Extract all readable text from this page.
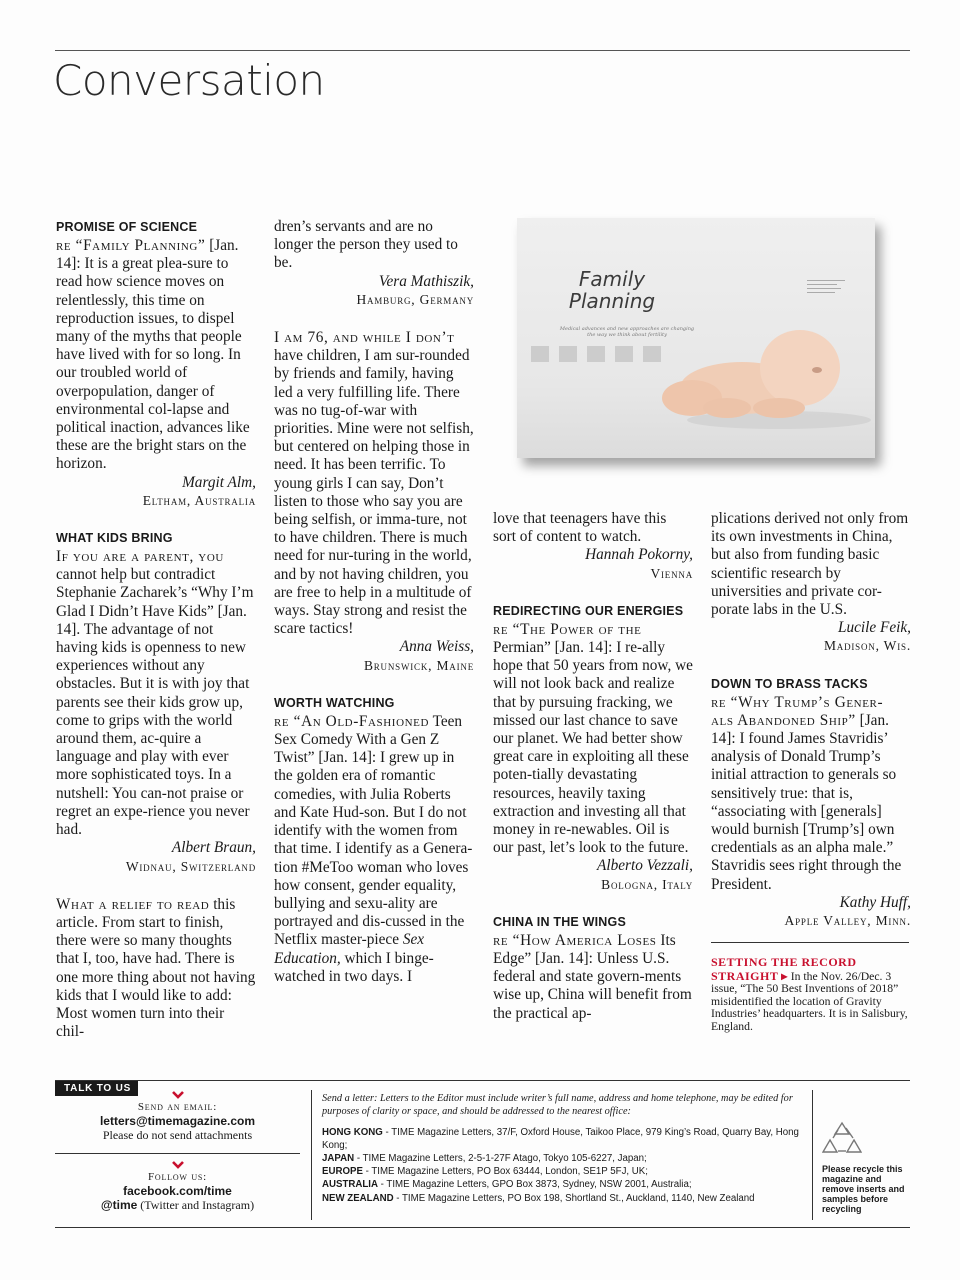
Conversation
PROMISE OF SCIENCE

re “Family Planning” [Jan. 14]: It is a great plea-sure to read how science moves on relentlessly, this time on reproduction issues, to dispel many of the myths that people have lived with for so long. In our troubled world of overpopulation, danger of environmental col-lapse and political inaction, advances like these are the bright stars on the horizon.

Margit Alm,

Eltham, Australia

WHAT KIDS BRING

If you are a parent, you cannot help but contradict Stephanie Zacharek’s “Why I’m Glad I Didn’t Have Kids” [Jan. 14]. The advantage of not having kids is openness to new experiences without any obstacles. But it is with joy that parents see their kids grow up, come to grips with the world around them, ac-quire a language and play with ever more sophisticated toys. In a nutshell: You can-not praise or regret an expe-rience you never had.

Albert Braun,

Widnau, Switzerland

What a relief to read this article. From start to finish, there were so many thoughts that I, too, have had. There is one more thing about not having kids that I would like to add: Most women turn into their chil-

dren’s servants and are no longer the person they used to be.

Vera Mathiszik,

Hamburg, Germany

I am 76, and while I don’t have children, I am sur-rounded by friends and family, having led a very fulfilling life. There was no tug-of-war with priorities. Mine were not selfish, but centered on helping those in need. It has been terrific. To young girls I can say, Don’t listen to those who say you are being selfish, or imma-ture, not to have children. There is much need for nur-turing in the world, and by not having children, you are free to help in a multitude of ways. Stay strong and resist the scare tactics!

Anna Weiss,

Brunswick, Maine

WORTH WATCHING

re “An Old-Fashioned Teen Sex Comedy With a Gen Z Twist” [Jan. 14]: I grew up in the golden era of romantic comedies, with Julia Roberts and Kate Hud-son. But I do not identify with the women from that time. I identify as a Genera-tion #MeToo woman who loves how consent, gender equality, bullying and sexu-ality are portrayed and dis-cussed in the Netflix master-piece Sex Education, which I binge-watched in two days. I

Family
Planning
Medical advances and new approaches are changing the way we think about fertility

love that teenagers have this sort of content to watch.

Hannah Pokorny,

Vienna

REDIRECTING OUR ENERGIES

re “The Power of the Permian” [Jan. 14]: I re-ally hope that 50 years from now, we will not look back and realize that by pursuing fracking, we missed our last chance to save our planet. We had better show great care in exploiting all these poten-tially devastating resources, heavily taxing extraction and investing all that money in re-newables. Oil is our past, let’s look to the future.

Alberto Vezzali,

Bologna, Italy

CHINA IN THE WINGS

re “How America Loses Its Edge” [Jan. 14]: Unless U.S. federal and state govern-ments wise up, China will benefit from the practical ap-

plications derived not only from its own investments in China, but also from funding basic scientific research by universities and private cor-porate labs in the U.S.

Lucile Feik,

Madison, Wis.

DOWN TO BRASS TACKS

re “Why Trump’s Gener-
als Abandoned Ship” [Jan. 14]: I found James Stavridis’ analysis of Donald Trump’s initial attraction to generals so sensitively true: that is, “associating with [generals] would burnish [Trump’s] own credentials as an alpha male.” Stavridis sees right through the President.

Kathy Huff,

Apple Valley, Minn.

SETTING THE RECORD STRAIGHT ▸ In the Nov. 26/Dec. 3 issue, “The 50 Best Inventions of 2018” misidentified the location of Gravity Industries’ headquarters. It is in Salisbury, England.
TALK TO US
Send an email:
letters@timemagazine.com
Please do not send attachments
Follow us:
facebook.com/time
@time (Twitter and Instagram)

Send a letter: Letters to the Editor must include writer’s full name, address and home telephone, may be edited for purposes of clarity or space, and should be addressed to the nearest office:

HONG KONG - TIME Magazine Letters, 37/F, Oxford House, Taikoo Place, 979 King’s Road, Quarry Bay, Hong Kong;

JAPAN - TIME Magazine Letters, 2-5-1-27F Atago, Tokyo 105-6227, Japan;

EUROPE - TIME Magazine Letters, PO Box 63444, London, SE1P 5FJ, UK;

AUSTRALIA - TIME Magazine Letters, GPO Box 3873, Sydney, NSW 2001, Australia;

NEW ZEALAND - TIME Magazine Letters, PO Box 198, Shortland St., Auckland, 1140, New Zealand

Please recycle this magazine and remove inserts and samples before recycling
